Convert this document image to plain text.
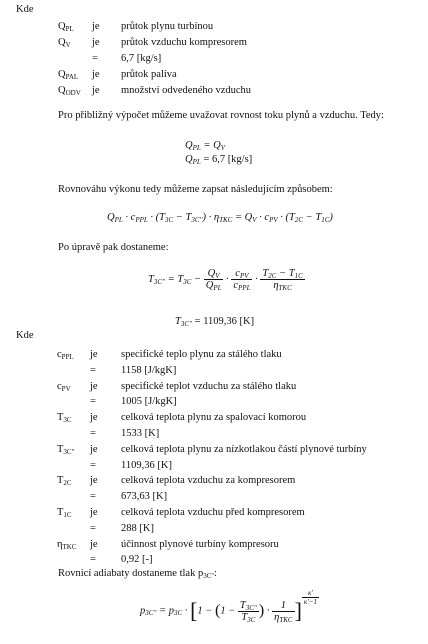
Kde
QPL je průtok plynu turbínou
QV je průtok vzduchu kompresorem
= 6,7 [kg/s]
QPAL je průtok paliva
QODV je množství odvedeného vzduchu
Pro přibližný výpočet můžeme uvažovat rovnost toku plynů a vzduchu. Tedy:
QPL = QV
QPL = 6,7 [kg/s]
Rovnováhu výkonu tedy můžeme zapsat následujícím způsobem:
QPL · cPPL · (T3C − T3C'') · ηTKC = QV · cPV · (T2C − T1C)
Po úpravě pak dostaneme:
$T3C'' = T3C - \frac{QV}{\text{QPL}} \cdot \frac{\text{cPV}}{\text{cPPL}} \cdot \frac{T2C - T1C}{\text{ηTKC}}$
T3C'' = 1109,36 [K]
Kde
cPPL je specifické teplo plynu za stálého tlaku
= 1158 [J/kgK]
cPV je specifické teplot vzduchu za stálého tlaku
= 1005 [J/kgK]
T3C je celková teplota plynu za spalovací komorou
= 1533 [K]
T3C'' je celková teplota plynu za nízkotlakou částí plynové turbíny
= 1109,36 [K]
T2C je celková teplota vzduchu za kompresorem
= 673,63 [K]
T1C je celková teplota vzduchu před kompresorem
= 288 [K]
ηTKC je účinnost plynové turbíny kompresoru
= 0,92 [-]
Rovnicí adiabaty dostaneme tlak p3C'':
$p3C'' = p3C \cdot [1 - (1 - \frac{T3C''}{T3C}$ ) · $\frac{1}{\text{ηTKC}}$ ]
$^{\frac{\kappa'}{\kappa'-1}}$
